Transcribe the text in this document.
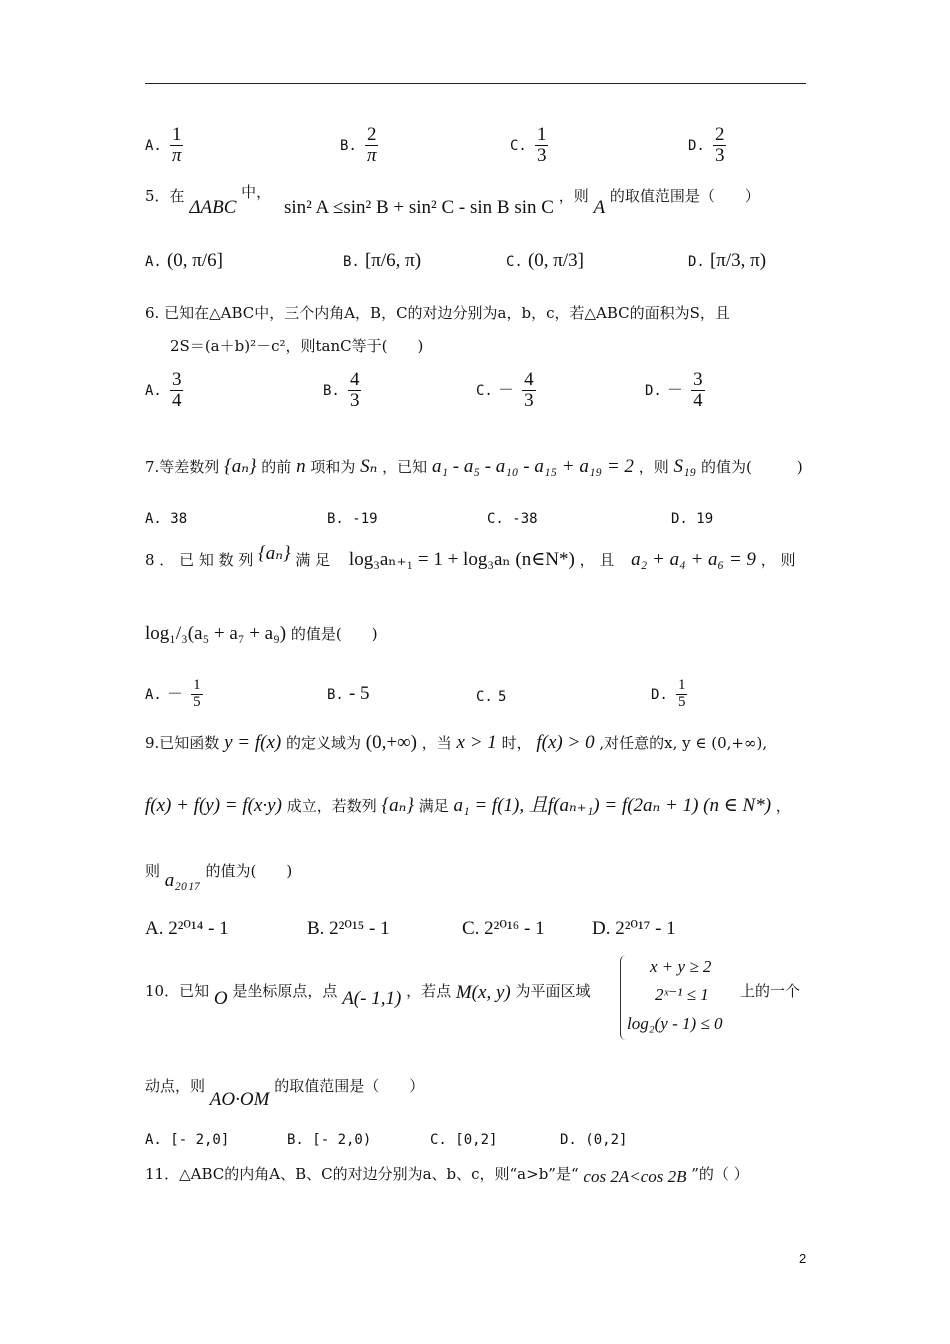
A. $\frac{1}{\pi}$	B. $\frac{2}{\pi}$	C. $\frac{1}{3}$	D. $\frac{2}{3}$
5．在 ΔABC 中， sin² A ≤sin² B + sin² C - sin B sin C ，则 A 的取值范围是（　　）
A. (0, π/6]	B. [π/6, π)	C. (0, π/3]	D. [π/3, π)
6. 已知在△ABC中，三个内角A，B，C的对边分别为a，b，c，若△ABC的面积为S，且
2S＝(a＋b)²－c²，则tanC等于(　　)
A. $\frac{3}{4}$	B. $\frac{4}{3}$	C. － $\frac{4}{3}$	D. － $\frac{3}{4}$
7.等差数列 {aₙ} 的前 n 项和为 Sₙ ，已知 a₁ - a₅ - a₁₀ - a₁₅ + a₁₉ = 2 ，则 S₁₉ 的值为(　　　)
A. 38	B. -19	C. -38	D. 19
8 ． 已 知 数 列 {aₙ} 满 足 log₃aₙ₊₁ = 1 + log₃aₙ (n∈N*) ， 且 a₂ + a₄ + a₆ = 9 ， 则
log₁/₃(a₅ + a₇ + a₉) 的值是(　　)
A. － $\frac{1}{5}$	B. - 5	C. 5	D. $\frac{1}{5}$
9.已知函数 y = f(x) 的定义域为 (0,+∞) ，当 x > 1 时， f(x) > 0 ,对任意的x, y ∈ (0,+∞),
f(x) + f(y) = f(x·y) 成立，若数列 {aₙ} 满足 a₁ = f(1), 且f(aₙ₊₁) = f(2aₙ + 1) (n ∈ N*) ，
则 a₂₀₁₇ 的值为(　　)
A. 2²⁰¹⁴ - 1	B. 2²⁰¹⁵ - 1	C. 2²⁰¹⁶ - 1 D. 2²⁰¹⁷ - 1
10．已知 O 是坐标原点，点 A(- 1,1) ，若点 M(x, y) 为平面区域
x + y ≥ 2
2ˣ⁻¹ ≤ 1
log₂(y - 1) ≤ 0
上的一个
动点，则 AO·OM 的取值范围是（　　）
A. [- 2,0]	B. [- 2,0)	C. [0,2]	D. (0,2]
11．△ABC的内角A、B、C的对边分别为a、b、c，则“a>b”是“ cos 2A<cos 2B ”的（ ）
2
